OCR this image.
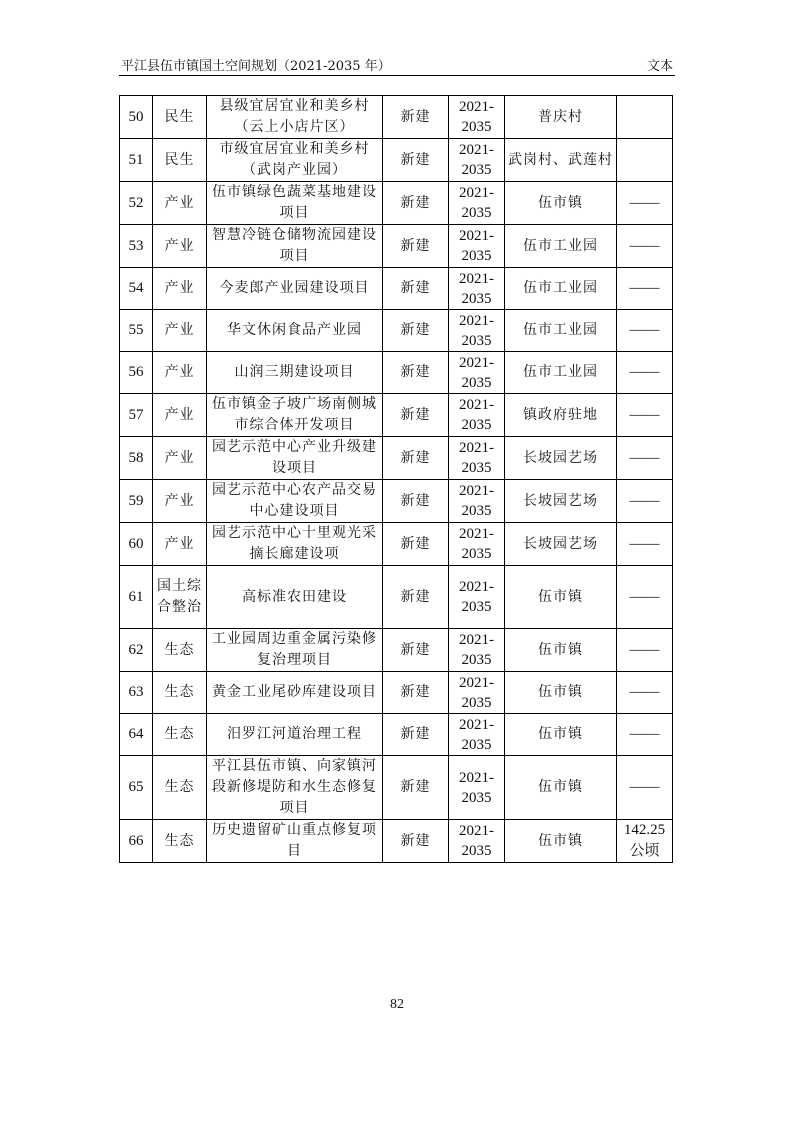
平江县伍市镇国土空间规划（2021-2035 年）	文本
50	民生	县级宜居宜业和美乡村（云上小店片区）	新建	2021-2035	普庆村	
51	民生	市级宜居宜业和美乡村（武岗产业园）	新建	2021-2035	武岗村、武莲村	
52	产业	伍市镇绿色蔬菜基地建设项目	新建	2021-2035	伍市镇	——
53	产业	智慧冷链仓储物流园建设项目	新建	2021-2035	伍市工业园	——
54	产业	今麦郎产业园建设项目	新建	2021-2035	伍市工业园	——
55	产业	华文休闲食品产业园	新建	2021-2035	伍市工业园	——
56	产业	山润三期建设项目	新建	2021-2035	伍市工业园	——
57	产业	伍市镇金子坡广场南侧城市综合体开发项目	新建	2021-2035	镇政府驻地	——
58	产业	园艺示范中心产业升级建设项目	新建	2021-2035	长坡园艺场	——
59	产业	园艺示范中心农产品交易中心建设项目	新建	2021-2035	长坡园艺场	——
60	产业	园艺示范中心十里观光采摘长廊建设项	新建	2021-2035	长坡园艺场	——
61	国土综合整治	高标准农田建设	新建	2021-2035	伍市镇	——
62	生态	工业园周边重金属污染修复治理项目	新建	2021-2035	伍市镇	——
63	生态	黄金工业尾砂库建设项目	新建	2021-2035	伍市镇	——
64	生态	汨罗江河道治理工程	新建	2021-2035	伍市镇	——
65	生态	平江县伍市镇、向家镇河段新修堤防和水生态修复项目	新建	2021-2035	伍市镇	——
66	生态	历史遗留矿山重点修复项目	新建	2021-2035	伍市镇	142.25公顷
82
